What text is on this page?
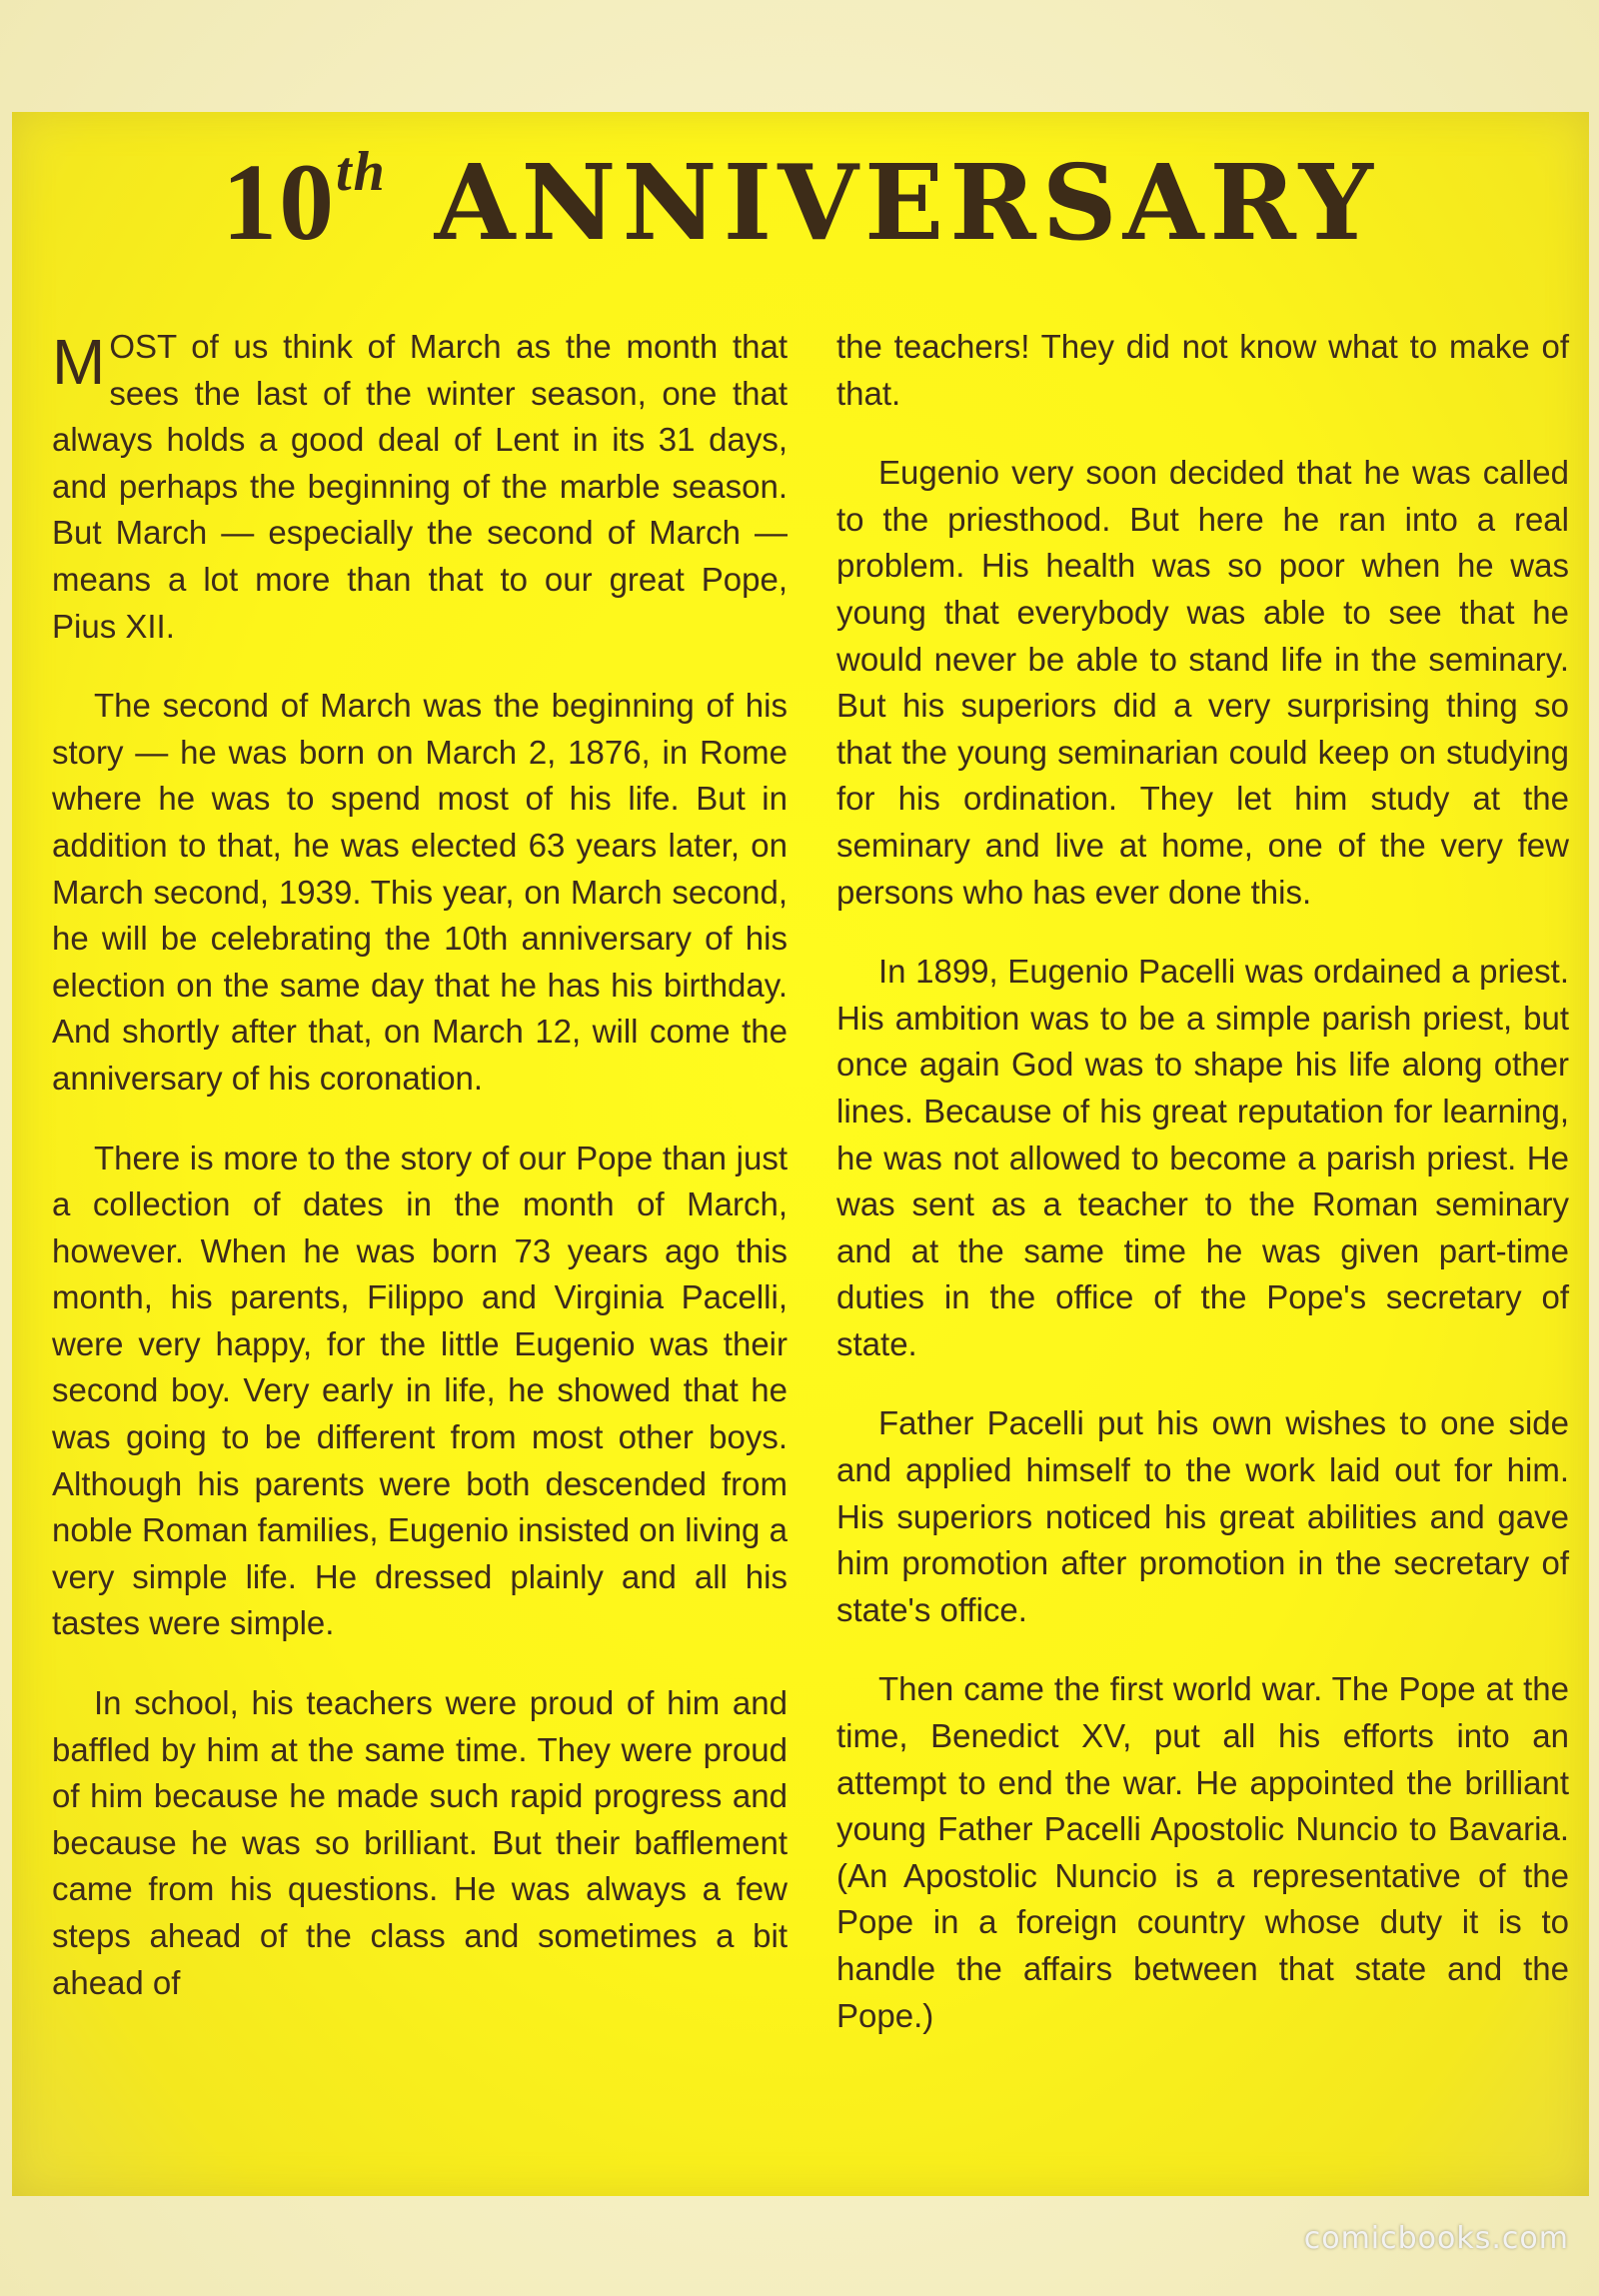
10 th ANNIVERSARY

MOST of us think of March as the month that sees the last of the winter season, one that always holds a good deal of Lent in its 31 days, and perhaps the beginning of the marble season. But March — especially the second of March — means a lot more than that to our great Pope, Pius XII.

The second of March was the beginning of his story — he was born on March 2, 1876, in Rome where he was to spend most of his life. But in addition to that, he was elected 63 years later, on March second, 1939. This year, on March second, he will be celebrating the 10th anniversary of his election on the same day that he has his birthday. And shortly after that, on March 12, will come the anniversary of his coronation.

There is more to the story of our Pope than just a collection of dates in the month of March, however. When he was born 73 years ago this month, his parents, Filippo and Virginia Pacelli, were very happy, for the little Eugenio was their second boy. Very early in life, he showed that he was going to be different from most other boys. Although his parents were both descended from noble Roman families, Eugenio insisted on living a very simple life. He dressed plainly and all his tastes were simple.

In school, his teachers were proud of him and baffled by him at the same time. They were proud of him because he made such rapid progress and because he was so brilliant. But their bafflement came from his questions. He was always a few steps ahead of the class and sometimes a bit ahead of

the teachers! They did not know what to make of that.

Eugenio very soon decided that he was called to the priesthood. But here he ran into a real problem. His health was so poor when he was young that everybody was able to see that he would never be able to stand life in the seminary. But his superiors did a very surprising thing so that the young seminarian could keep on studying for his ordination. They let him study at the seminary and live at home, one of the very few persons who has ever done this.

In 1899, Eugenio Pacelli was ordained a priest. His ambition was to be a simple parish priest, but once again God was to shape his life along other lines. Because of his great reputation for learning, he was not allowed to become a parish priest. He was sent as a teacher to the Roman seminary and at the same time he was given part-time duties in the office of the Pope's secretary of state.

Father Pacelli put his own wishes to one side and applied himself to the work laid out for him. His superiors noticed his great abilities and gave him promotion after promotion in the secretary of state's office.

Then came the first world war. The Pope at the time, Benedict XV, put all his efforts into an attempt to end the war. He appointed the brilliant young Father Pacelli Apostolic Nuncio to Bavaria. (An Apostolic Nuncio is a representative of the Pope in a foreign country whose duty it is to handle the affairs between that state and the Pope.)

comicbooks.com
